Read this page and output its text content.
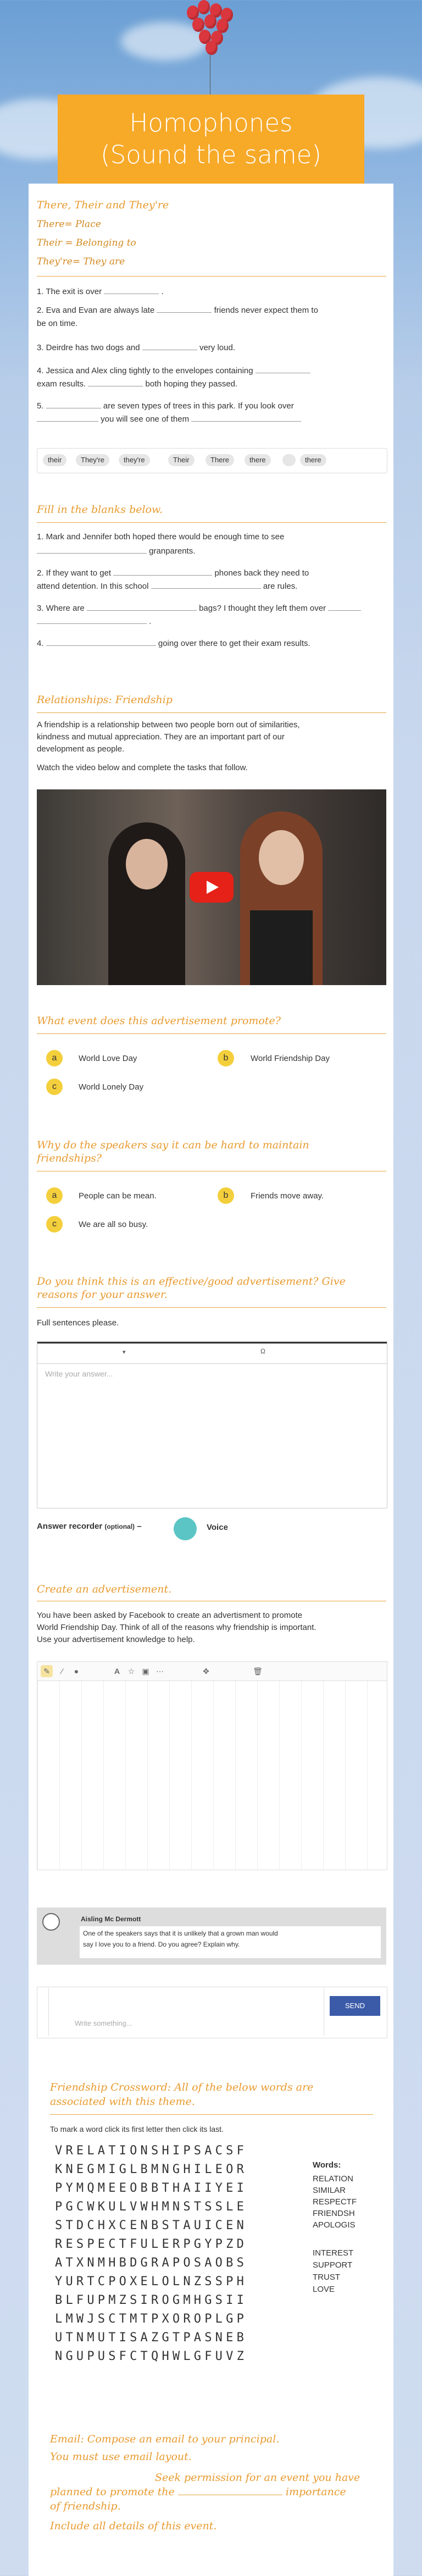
Homophones
(Sound the same)
There, Their and They're
There= Place
Their = Belonging to
They're= They are
1. The exit is over	.
2. Eva and Evan are always late	friends never expect them to
be on time.
3. Deirdre has two dogs and	very loud.
4. Jessica and Alex cling tightly to the envelopes containing
exam results.	both hoping they passed.
5.	are seven types of trees in this park. If you look over
you will see one of them
their	They're	they're	Their	There	there	there
Fill in the blanks below.
1. Mark and Jennifer both hoped there would be enough time to see
granparents.
2. If they want to get	phones back they need to
attend detention. In this school	are rules.
3. Where are	bags? I thought they left them over
.
4.	going over there to get their exam results.
Relationships: Friendship
A friendship is a relationship between two people born out of similarities,
kindness and mutual appreciation. They are an important part of our
development as people.
Watch the video below and complete the tasks that follow.
What event does this advertisement promote?
a	World Love Day	b	World Friendship Day
c	World Lonely Day
Why do the speakers say it can be hard to maintain
friendships?
a	People can be mean.	b	Friends move away.
c	We are all so busy.
Do you think this is an effective/good advertisement? Give
reasons for your answer.
Full sentences please.
▾	Ω
Write your answer...
Answer recorder (optional) –	Voice
Create an advertisement.
You have been asked by Facebook to create an advertisment to promote
World Friendship Day. Think of all of the reasons why friendship is important.
Use your advertisement knowledge to help.
✎	∕	●	A	☆ ▣ ⋯	✥	🗑
Aisling Mc Dermott
One of the speakers says that it is unlikely that a grown man would
say I love you to a friend. Do you agree? Explain why.
Write something...
SEND
Friendship Crossword: All of the below words are
associated with this theme.
To mark a word click its first letter then click its last.
VRELATIONSHIPSACSF
KNEGMIGLBMNGHILEOR
PYMQMEEOBBTHAIIYEI
PGCWKULVWHMNSTSSLE
STDCHXCENBSTAUICEN
RESPECTFULERPGYPZD
ATXNMHBDGRAPOSAOBS
YURTCPOXELOLNZSSPH
BLFUPMZSIROGMHGSII
LMWJSCTMTPXOROPLGP
UTNMUTISAZGTPASNEB
NGUPUSFCTQHWLGFUVZ
Words:
RELATION
SIMILAR
RESPECTF
FRIENDSH
APOLOGIS
INTEREST
SUPPORT
TRUST
LOVE
Email: Compose an email to your principal.
You must use email layout.
Seek permission for an event you have
planned to promote the	importance
of friendship.
Include all details of this event.
